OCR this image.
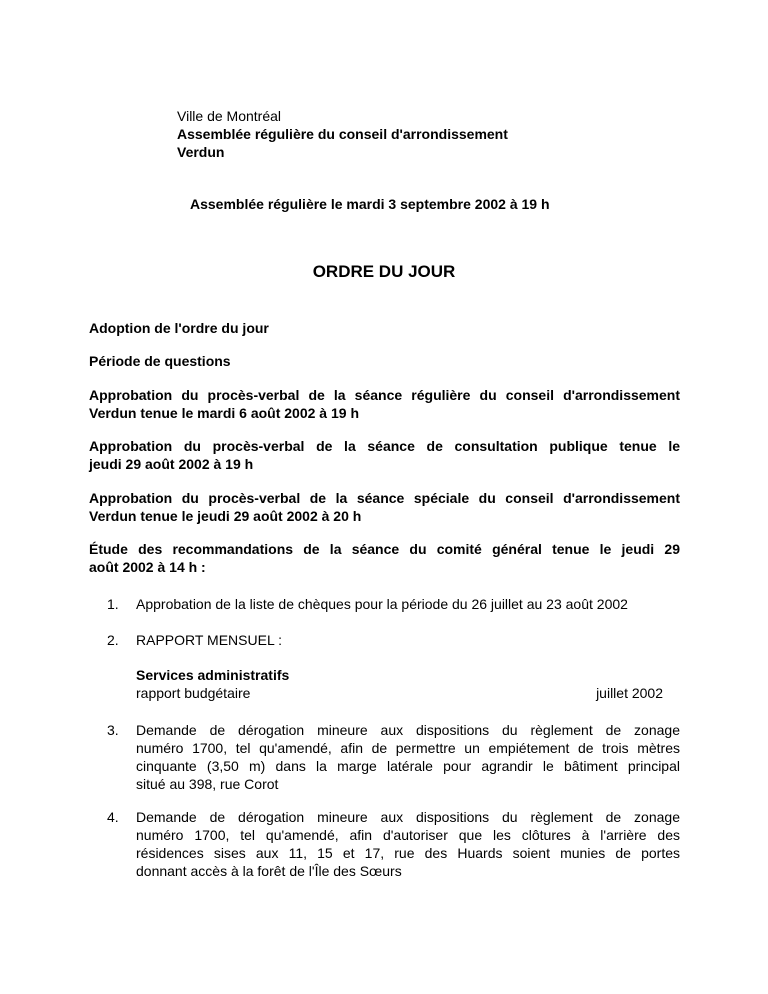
Ville de Montréal
Assemblée régulière du conseil d'arrondissement
Verdun
Assemblée régulière le mardi 3 septembre 2002 à 19 h
ORDRE DU JOUR
Adoption de l'ordre du jour
Période de questions
Approbation du procès-verbal de la séance régulière du conseil d'arrondissement
Verdun tenue le mardi 6 août 2002 à 19 h
Approbation du procès-verbal de la séance de consultation publique tenue le
jeudi 29 août 2002 à 19 h
Approbation du procès-verbal de la séance spéciale du conseil d'arrondissement
Verdun tenue le jeudi 29 août 2002 à 20 h
Étude des recommandations de la séance du comité général tenue le jeudi 29
août 2002 à 14 h :
1. Approbation de la liste de chèques pour la période du 26 juillet au 23 août 2002
2. RAPPORT MENSUEL :
Services administratifs
rapport budgétaire	juillet 2002
3. Demande de dérogation mineure aux dispositions du règlement de zonage
numéro 1700, tel qu'amendé, afin de permettre un empiétement de trois mètres
cinquante (3,50 m) dans la marge latérale pour agrandir le bâtiment principal
situé au 398, rue Corot
4. Demande de dérogation mineure aux dispositions du règlement de zonage
numéro 1700, tel qu'amendé, afin d'autoriser que les clôtures à l'arrière des
résidences sises aux 11, 15 et 17, rue des Huards soient munies de portes
donnant accès à la forêt de l'Île des Sœurs
